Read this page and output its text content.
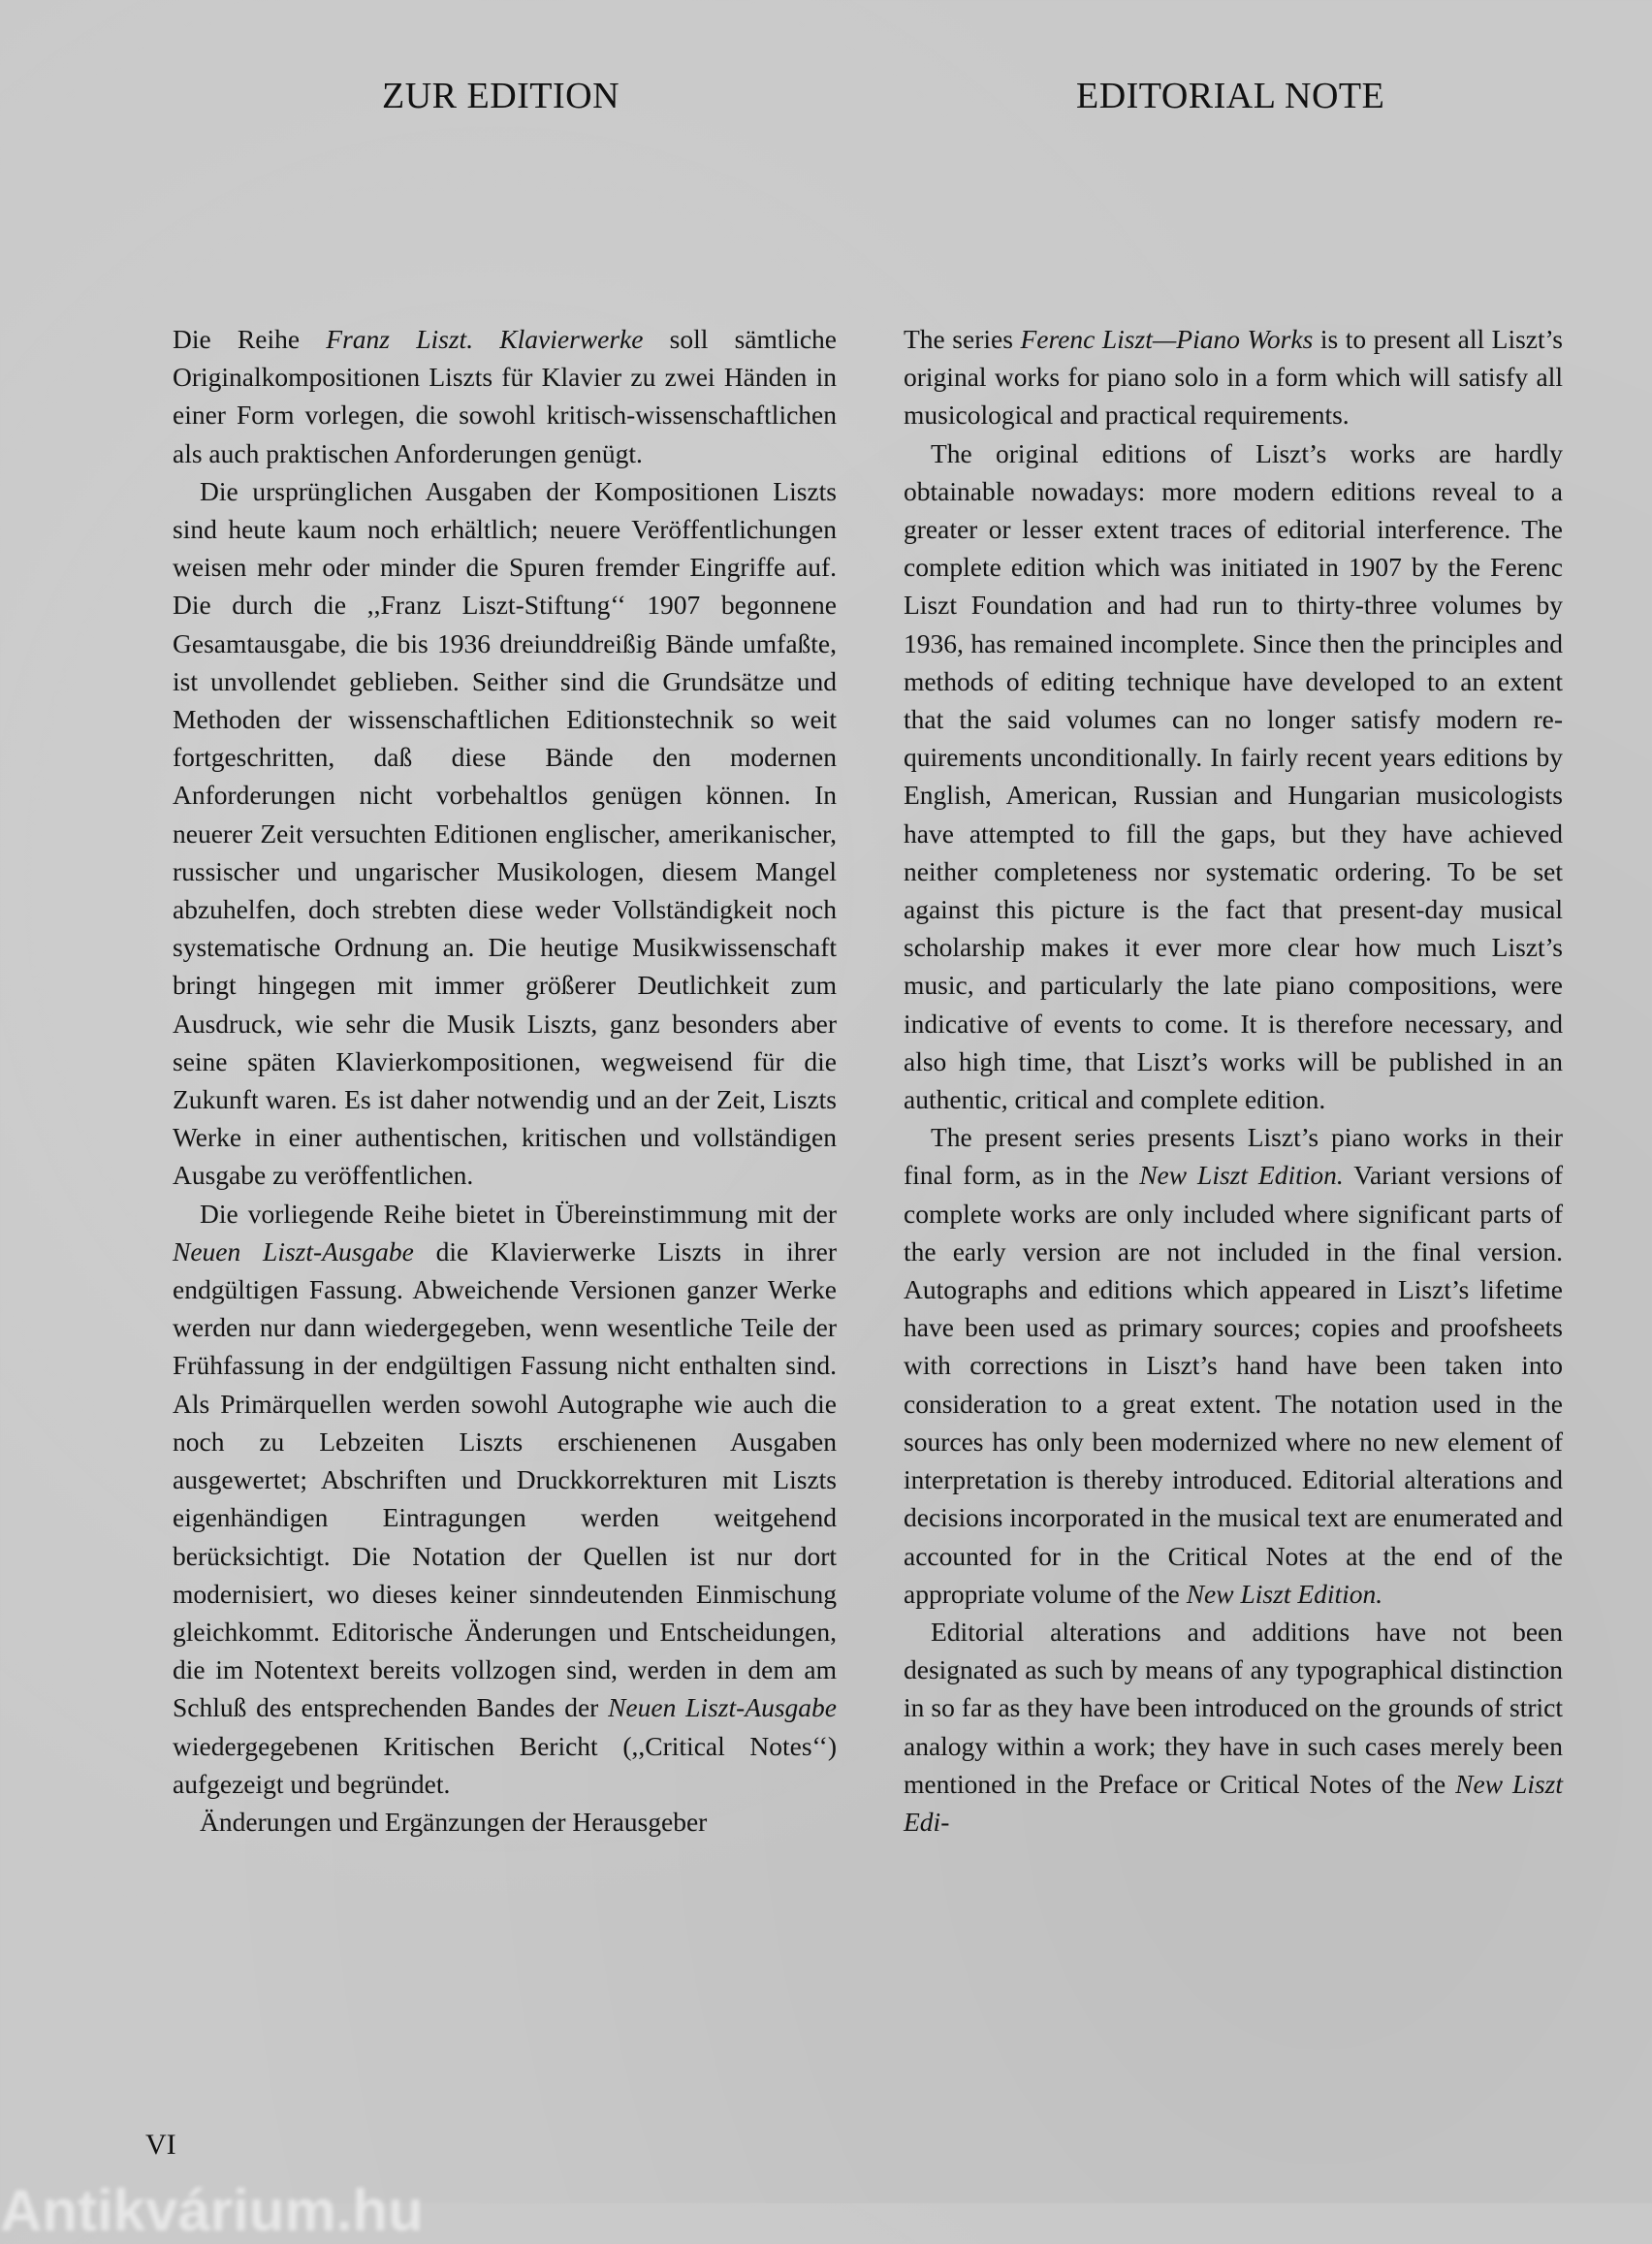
ZUR EDITION	EDITORIAL NOTE

Die Reihe Franz Liszt. Klavierwerke soll sämtliche Originalkompositionen Liszts für Klavier zu zwei Händen in einer Form vorlegen, die sowohl kritisch-wissenschaftlichen als auch praktischen Anforderungen genügt.

Die ursprünglichen Ausgaben der Kompositionen Liszts sind heute kaum noch erhältlich; neuere Veröffentlichungen weisen mehr oder minder die Spuren fremder Eingriffe auf. Die durch die ,,Franz Liszt-Stiftung‘‘ 1907 begonnene Gesamtausgabe, die bis 1936 dreiunddreißig Bände umfaßte, ist unvollendet geblieben. Seither sind die Grundsätze und Methoden der wissenschaftlichen Editionstechnik so weit fortgeschritten, daß diese Bände den modernen Anforderungen nicht vorbehaltlos genügen können. In neuerer Zeit versuchten Editionen englischer, amerikanischer, russischer und ungarischer Musikologen, diesem Mangel abzuhelfen, doch strebten diese weder Vollständigkeit noch systematische Ordnung an. Die heutige Musikwissenschaft bringt hingegen mit immer größerer Deutlichkeit zum Ausdruck, wie sehr die Musik Liszts, ganz besonders aber seine späten Klavierkompositionen, wegweisend für die Zukunft waren. Es ist daher notwendig und an der Zeit, Liszts Werke in einer authentischen, kritischen und vollständigen Ausgabe zu veröffentlichen.

Die vorliegende Reihe bietet in Übereinstimmung mit der Neuen Liszt-Ausgabe die Klavierwerke Liszts in ihrer endgültigen Fassung. Abweichende Versionen ganzer Werke werden nur dann wiedergegeben, wenn wesentliche Teile der Frühfassung in der endgültigen Fassung nicht enthalten sind. Als Primärquellen werden sowohl Autographe wie auch die noch zu Lebzeiten Liszts erschienenen Ausgaben ausgewertet; Abschriften und Druckkorrekturen mit Liszts eigenhändigen Eintragungen werden weitgehend berücksichtigt. Die Notation der Quellen ist nur dort modernisiert, wo dieses keiner sinndeutenden Einmischung gleichkommt. Editorische Änderungen und Entscheidungen, die im Notentext bereits vollzogen sind, werden in dem am Schluß des entsprechenden Bandes der Neuen Liszt-Ausgabe wiedergegebenen Kritischen Bericht (,,Critical Notes‘‘) aufgezeigt und begründet.

Änderungen und Ergänzungen der Herausgeber

The series Ferenc Liszt—Piano Works is to present all Liszt’s original works for piano solo in a form which will satisfy all musicological and practical requirements.

The original editions of Liszt’s works are hardly obtainable nowadays: more modern editions reveal to a greater or lesser extent traces of editorial interference. The complete edition which was initiated in 1907 by the Ferenc Liszt Foundation and had run to thirty-three volumes by 1936, has remained incomplete. Since then the principles and methods of editing technique have developed to an extent that the said volumes can no longer satisfy modern requirements unconditionally. In fairly recent years editions by English, American, Russian and Hungarian musicologists have attempted to fill the gaps, but they have achieved neither completeness nor systematic ordering. To be set against this picture is the fact that present-day musical scholarship makes it ever more clear how much Liszt’s music, and particularly the late piano compositions, were indicative of events to come. It is therefore necessary, and also high time, that Liszt’s works will be published in an authentic, critical and complete edition.

The present series presents Liszt’s piano works in their final form, as in the New Liszt Edition. Variant versions of complete works are only included where significant parts of the early version are not included in the final version. Autographs and editions which appeared in Liszt’s lifetime have been used as primary sources; copies and proofsheets with corrections in Liszt’s hand have been taken into consideration to a great extent. The notation used in the sources has only been modernized where no new element of interpretation is thereby introduced. Editorial alterations and decisions incorporated in the musical text are enumerated and accounted for in the Critical Notes at the end of the appropriate volume of the New Liszt Edition.

Editorial alterations and additions have not been designated as such by means of any typographical distinction in so far as they have been introduced on the grounds of strict analogy within a work; they have in such cases merely been mentioned in the Preface or Critical Notes of the New Liszt Edi-

VI
Antikvárium.hu
